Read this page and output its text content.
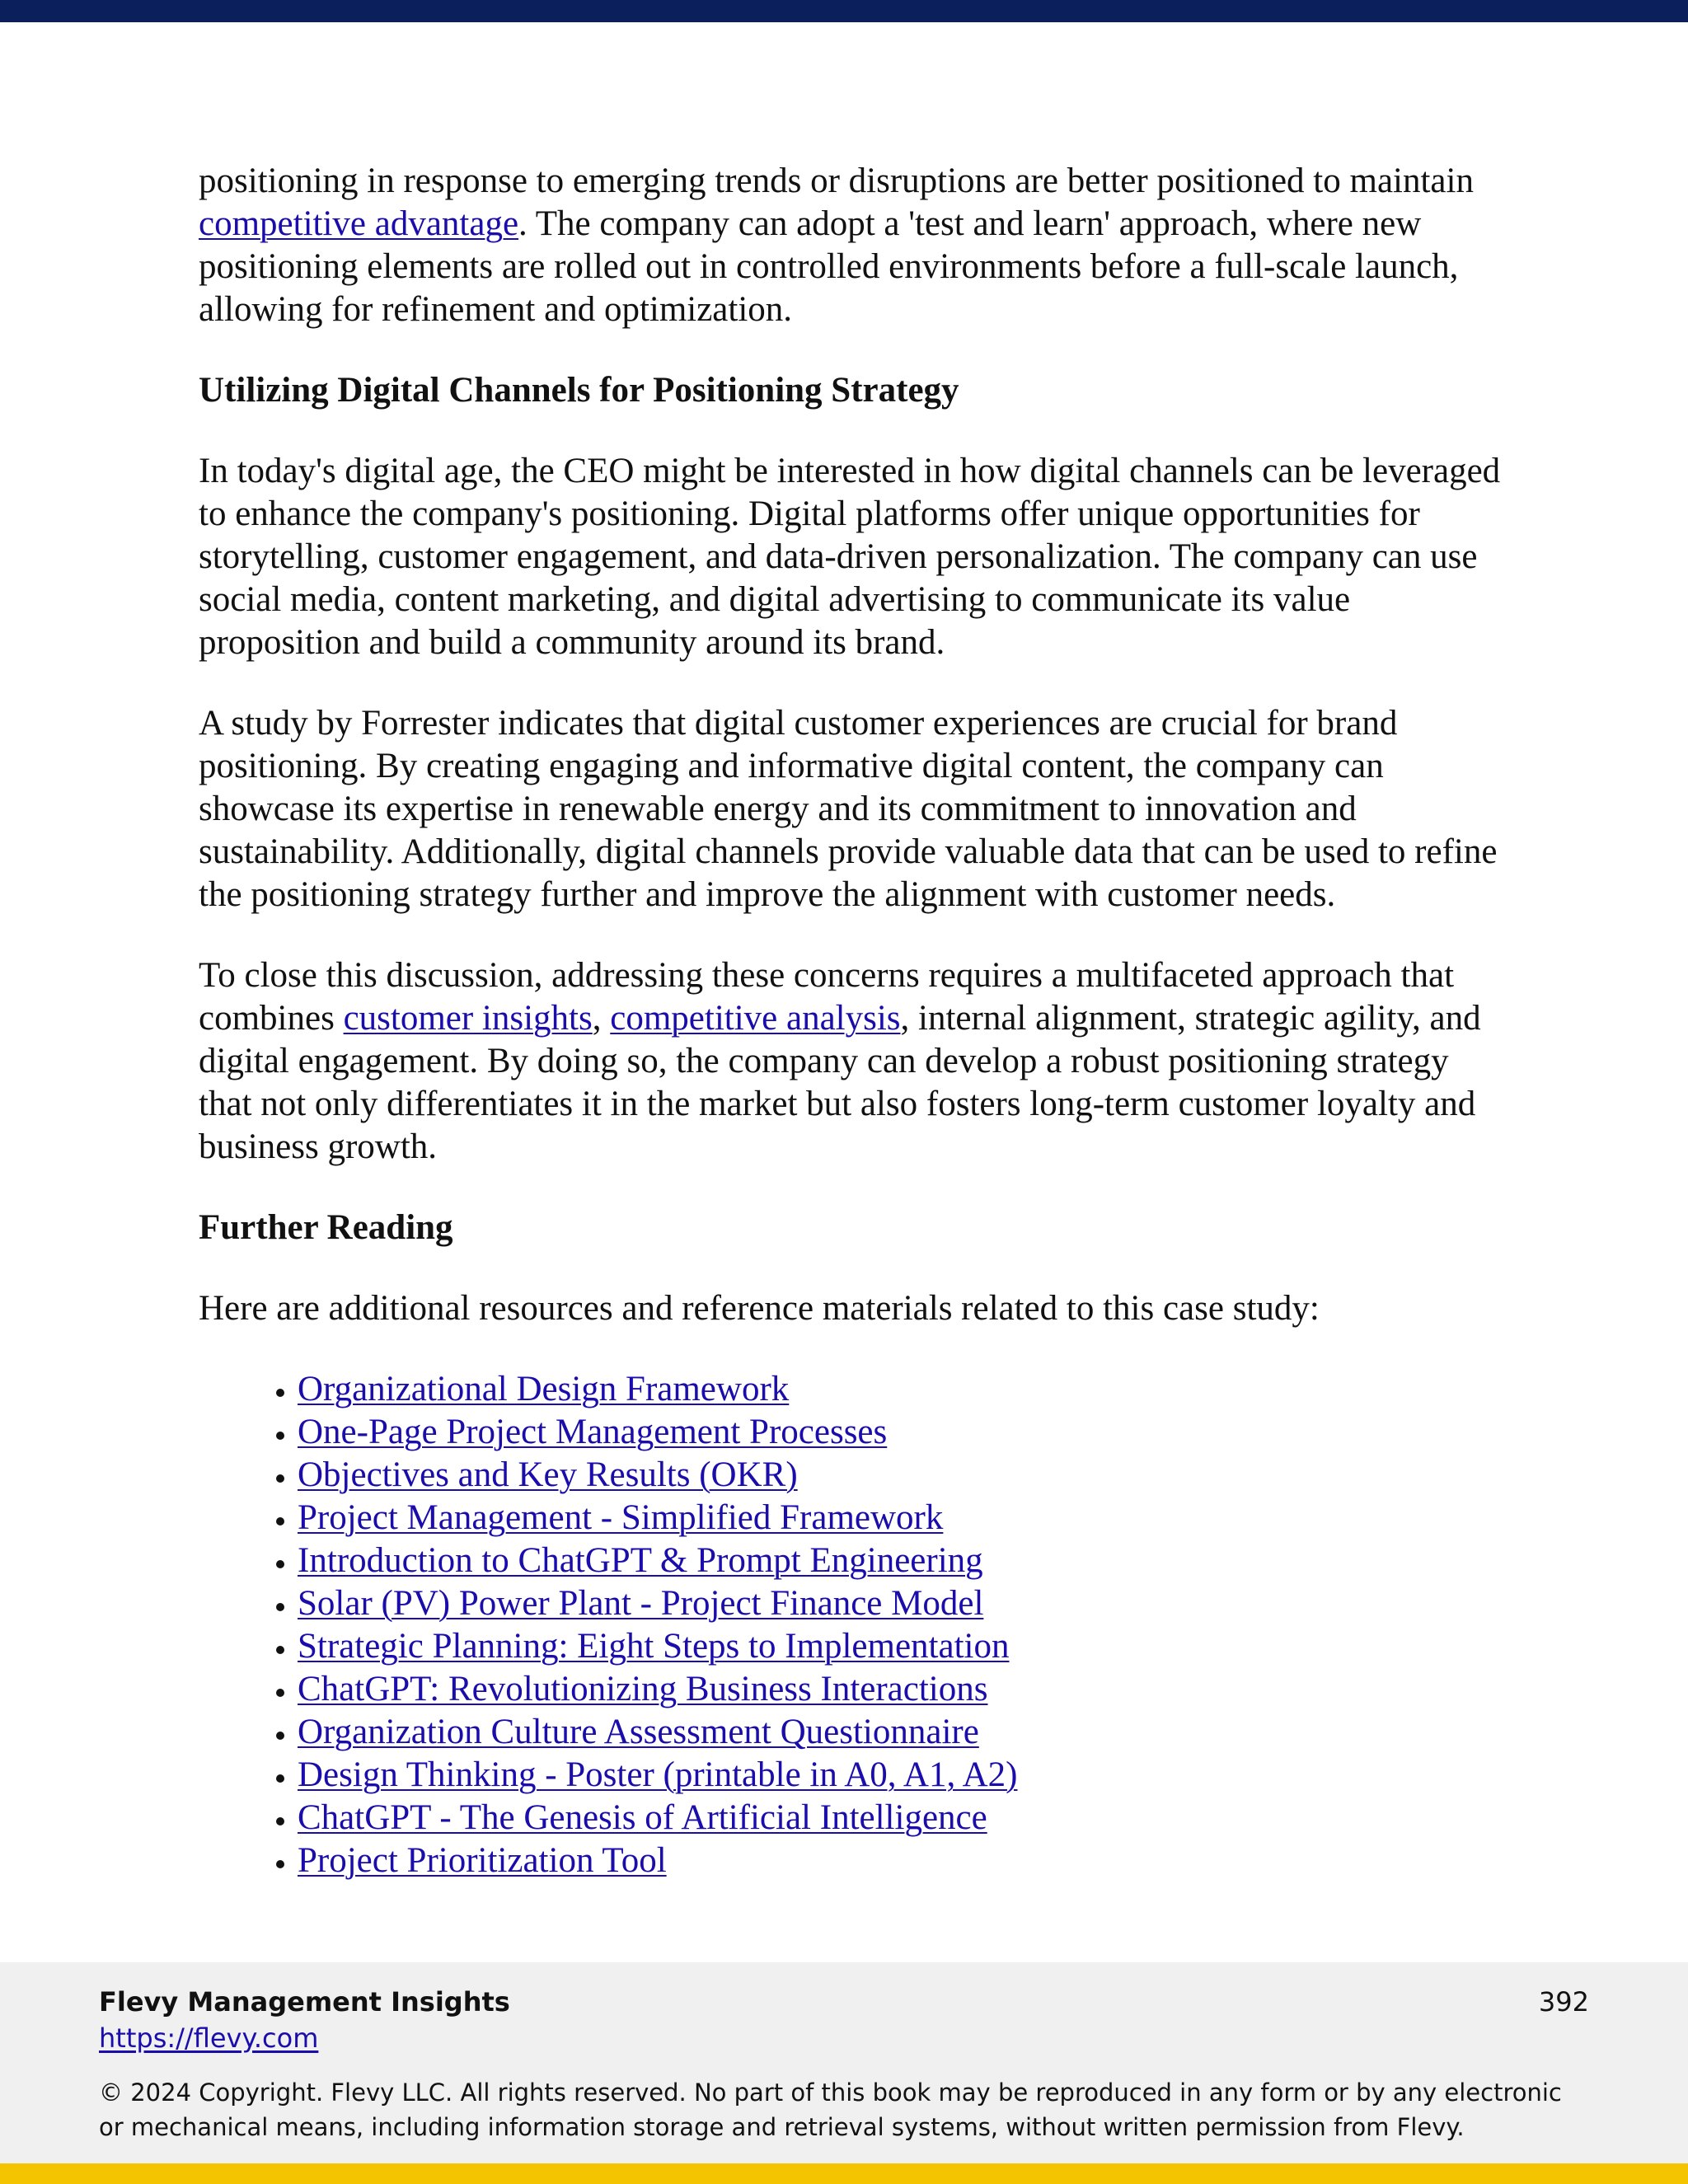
positioning in response to emerging trends or disruptions are better positioned to maintain competitive advantage. The company can adopt a 'test and learn' approach, where new positioning elements are rolled out in controlled environments before a full-scale launch, allowing for refinement and optimization.

Utilizing Digital Channels for Positioning Strategy

In today's digital age, the CEO might be interested in how digital channels can be leveraged to enhance the company's positioning. Digital platforms offer unique opportunities for storytelling, customer engagement, and data-driven personalization. The company can use social media, content marketing, and digital advertising to communicate its value proposition and build a community around its brand.

A study by Forrester indicates that digital customer experiences are crucial for brand positioning. By creating engaging and informative digital content, the company can showcase its expertise in renewable energy and its commitment to innovation and sustainability. Additionally, digital channels provide valuable data that can be used to refine the positioning strategy further and improve the alignment with customer needs.

To close this discussion, addressing these concerns requires a multifaceted approach that combines customer insights, competitive analysis, internal alignment, strategic agility, and digital engagement. By doing so, the company can develop a robust positioning strategy that not only differentiates it in the market but also fosters long-term customer loyalty and business growth.

Further Reading

Here are additional resources and reference materials related to this case study:

• Organizational Design Framework
• One-Page Project Management Processes
• Objectives and Key Results (OKR)
• Project Management - Simplified Framework
• Introduction to ChatGPT & Prompt Engineering
• Solar (PV) Power Plant - Project Finance Model
• Strategic Planning: Eight Steps to Implementation
• ChatGPT: Revolutionizing Business Interactions
• Organization Culture Assessment Questionnaire
• Design Thinking - Poster (printable in A0, A1, A2)
• ChatGPT - The Genesis of Artificial Intelligence
• Project Prioritization Tool
Flevy Management Insights
https://flevy.com
392
© 2024 Copyright. Flevy LLC. All rights reserved. No part of this book may be reproduced in any form or by any electronic or mechanical means, including information storage and retrieval systems, without written permission from Flevy.
